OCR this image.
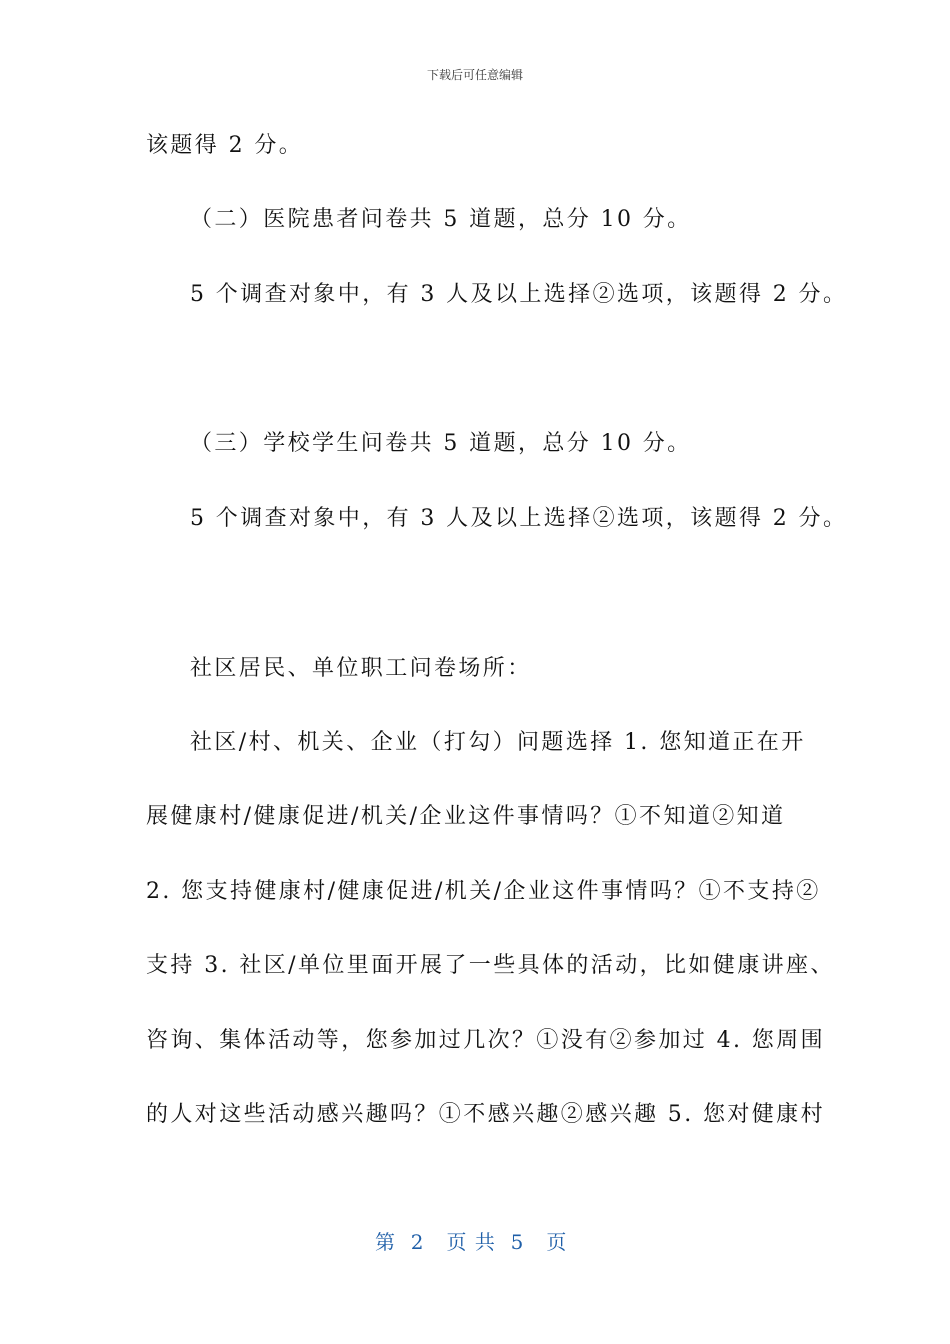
下载后可任意编辑
该题得 2 分。
（二）医院患者问卷共 5 道题，总分 10 分。
5 个调查对象中，有 3 人及以上选择②选项，该题得 2 分。
（三）学校学生问卷共 5 道题，总分 10 分。
5 个调查对象中，有 3 人及以上选择②选项，该题得 2 分。
社区居民、单位职工问卷场所：
社区/村、机关、企业（打勾）问题选择 1. 您知道正在开
展健康村/健康促进/机关/企业这件事情吗？①不知道②知道
2. 您支持健康村/健康促进/机关/企业这件事情吗？①不支持②
支持 3. 社区/单位里面开展了一些具体的活动，比如健康讲座、
咨询、集体活动等，您参加过几次？①没有②参加过 4. 您周围
的人对这些活动感兴趣吗？①不感兴趣②感兴趣 5. 您对健康村
第  2   页 共  5   页
